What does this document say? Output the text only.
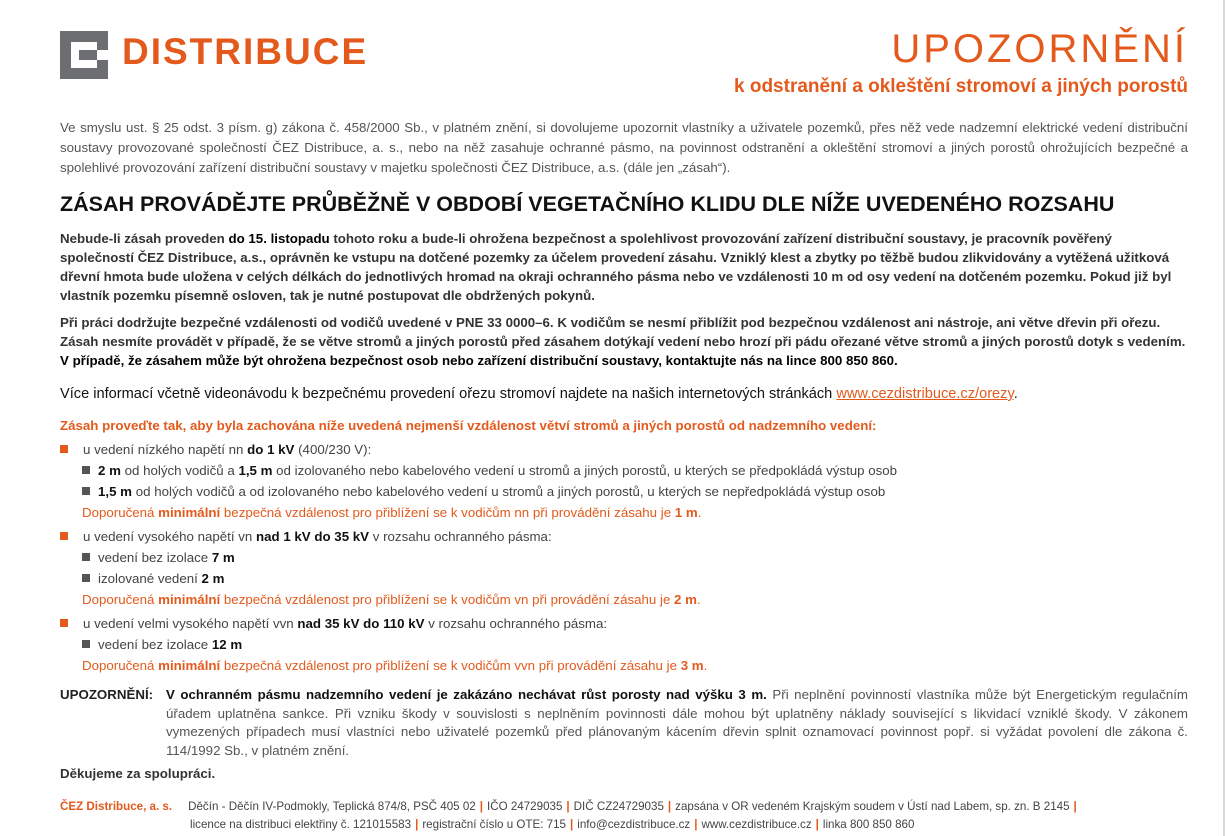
DISTRIBUCE	UPOZORNĚNÍ
k odstranění a okleštění stromoví a jiných porostů
Ve smyslu ust. § 25 odst. 3 písm. g) zákona č. 458/2000 Sb., v platném znění, si dovolujeme upozornit vlastníky a uživatele pozemků, přes něž vede nadzemní elektrické vedení distribuční soustavy provozované společností ČEZ Distribuce, a. s., nebo na něž zasahuje ochranné pásmo, na povinnost odstranění a okleštění stromoví a jiných porostů ohrožujících bezpečné a spolehlivé provozování zařízení distribuční soustavy v majetku společnosti ČEZ Distribuce, a.s. (dále jen „zásah“).
ZÁSAH PROVÁDĚJTE PRŮBĚŽNĚ V OBDOBÍ VEGETAČNÍHO KLIDU DLE NÍŽE UVEDENÉHO ROZSAHU
Nebude-li zásah proveden do 15. listopadu tohoto roku a bude-li ohrožena bezpečnost a spolehlivost provozování zařízení distribuční soustavy, je pracovník pověřený společností ČEZ Distribuce, a.s., oprávněn ke vstupu na dotčené pozemky za účelem provedení zásahu. Vzniklý klest a zbytky po těžbě budou zlikvidovány a vytěžená užitková dřevní hmota bude uložena v celých délkách do jednotlivých hromad na okraji ochranného pásma nebo ve vzdálenosti 10 m od osy vedení na dotčeném pozemku. Pokud již byl vlastník pozemku písemně osloven, tak je nutné postupovat dle obdržených pokynů.
Při práci dodržujte bezpečné vzdálenosti od vodičů uvedené v PNE 33 0000–6. K vodičům se nesmí přiblížit pod bezpečnou vzdálenost ani nástroje, ani větve dřevin při ořezu. Zásah nesmíte provádět v případě, že se větve stromů a jiných porostů před zásahem dotýkají vedení nebo hrozí při pádu ořezané větve stromů a jiných porostů dotyk s vedením. V případě, že zásahem může být ohrožena bezpečnost osob nebo zařízení distribuční soustavy, kontaktujte nás na lince 800 850 860.
Více informací včetně videonávodu k bezpečnému provedení ořezu stromoví najdete na našich internetových stránkách www.cezdistribuce.cz/orezy.
Zásah proveďte tak, aby byla zachována níže uvedená nejmenší vzdálenost větví stromů a jiných porostů od nadzemního vedení:
u vedení nízkého napětí nn do 1 kV (400/230 V):
2 m od holých vodičů a 1,5 m od izolovaného nebo kabelového vedení u stromů a jiných porostů, u kterých se předpokládá výstup osob
1,5 m od holých vodičů a od izolovaného nebo kabelového vedení u stromů a jiných porostů, u kterých se nepředpokládá výstup osob
Doporučená minimální bezpečná vzdálenost pro přiblížení se k vodičům nn při provádění zásahu je 1 m.
u vedení vysokého napětí vn nad 1 kV do 35 kV v rozsahu ochranného pásma:
vedení bez izolace 7 m
izolované vedení 2 m
Doporučená minimální bezpečná vzdálenost pro přiblížení se k vodičům vn při provádění zásahu je 2 m.
u vedení velmi vysokého napětí vvn nad 35 kV do 110 kV v rozsahu ochranného pásma:
vedení bez izolace 12 m
Doporučená minimální bezpečná vzdálenost pro přiblížení se k vodičům vvn při provádění zásahu je 3 m.
UPOZORNĚNÍ: V ochranném pásmu nadzemního vedení je zakázáno nechávat růst porosty nad výšku 3 m. Při neplnění povinností vlastníka může být Energetickým regulačním úřadem uplatněna sankce. Při vzniku škody v souvislosti s neplněním povinnosti dále mohou být uplatněny náklady související s likvidací vzniklé škody. V zákonem vymezených případech musí vlastníci nebo uživatelé pozemků před plánovaným kácením dřevin splnit oznamovací povinnost popř. si vyžádat povolení dle zákona č. 114/1992 Sb., v platném znění.
Děkujeme za spolupráci.
ČEZ Distribuce, a. s. Děčín - Děčín IV-Podmokly, Teplická 874/8, PSČ 405 02 | IČO 24729035 | DIČ CZ24729035 | zapsána v OR vedeném Krajským soudem v Ústí nad Labem, sp. zn. B 2145 |
licence na distribuci elektřiny č. 121015583 | registrační číslo u OTE: 715 | info@cezdistribuce.cz | www.cezdistribuce.cz | linka 800 850 860
